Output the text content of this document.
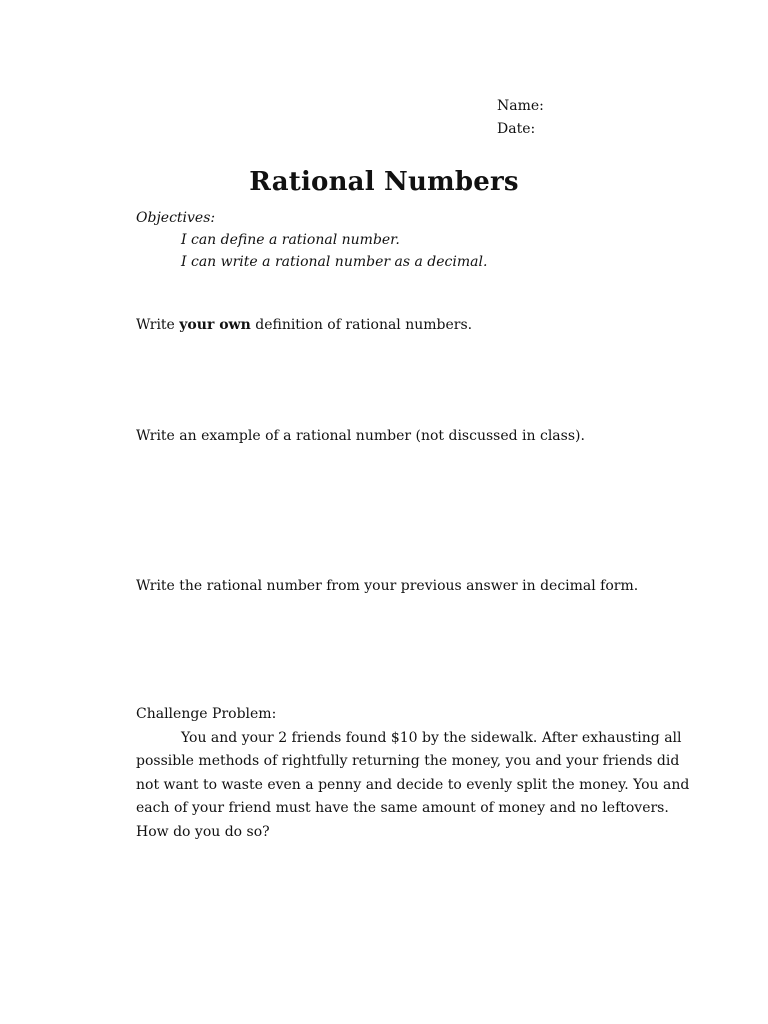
Name:
Date:
Rational Numbers
Objectives:
I can define a rational number.
I can write a rational number as a decimal.
Write your own definition of rational numbers.
Write an example of a rational number (not discussed in class).
Write the rational number from your previous answer in decimal form.

Challenge Problem:

You and your 2 friends found $10 by the sidewalk. After exhausting all possible methods of rightfully returning the money, you and your friends did not want to waste even a penny and decide to evenly split the money. You and each of your friend must have the same amount of money and no leftovers.

How do you do so?
